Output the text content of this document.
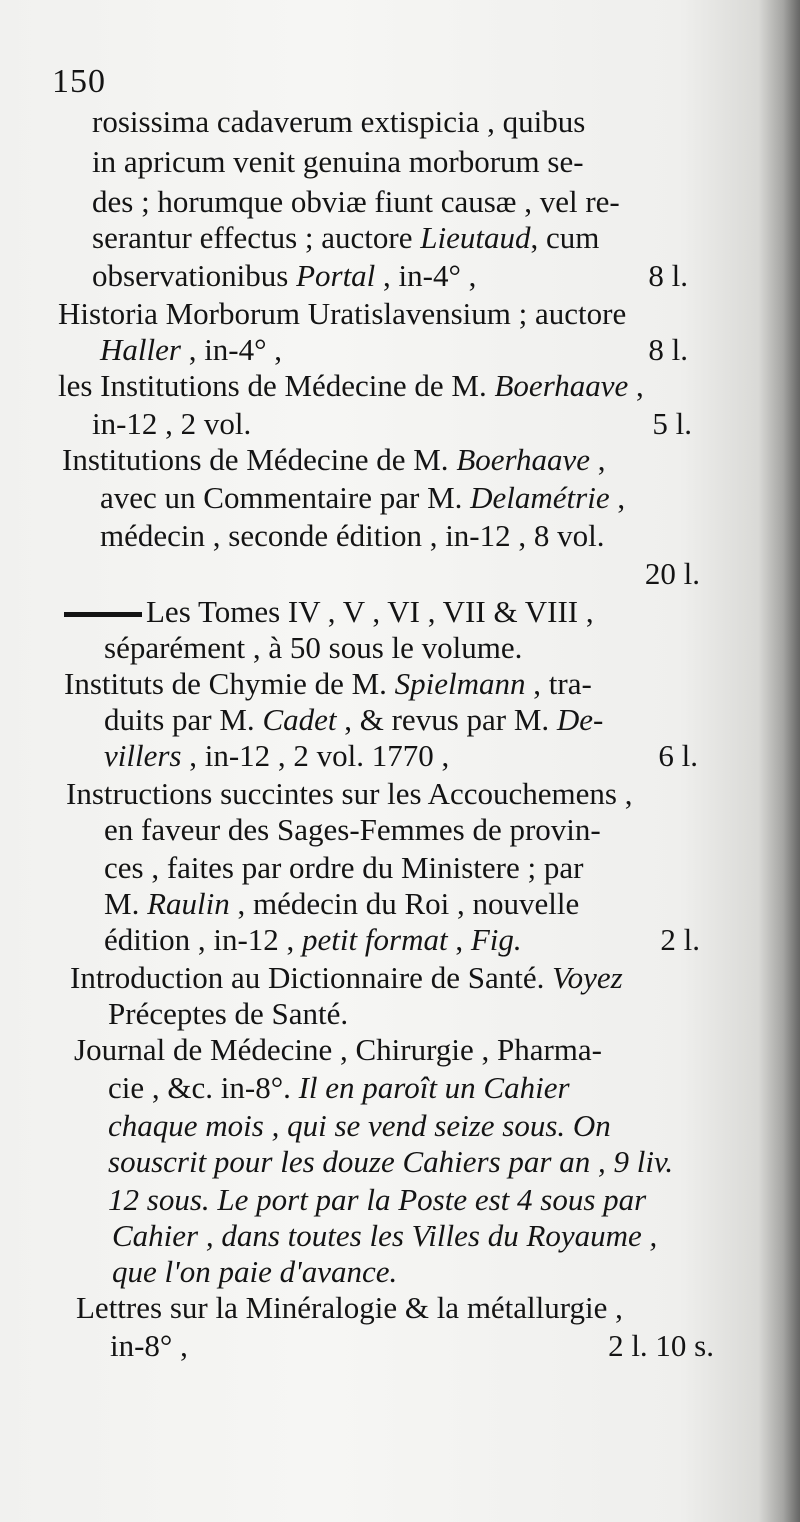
150
rosissima cadaverum extispicia , quibus
in apricum venit genuina morborum se-
des ; horumque obviæ fiunt causæ , vel re-
serantur effectus ; auctore Lieutaud, cum
observationibus Portal , in-4° ,	8 l.
Historia Morborum Uratislavensium ; auctore
Haller , in-4° ,	8 l.
les Institutions de Médecine de M. Boerhaave ,
in-12 , 2 vol.	5 l.
Institutions de Médecine de M. Boerhaave ,
avec un Commentaire par M. Delamétrie ,
médecin , seconde édition , in-12 , 8 vol.
20 l.
Les Tomes IV , V , VI , VII & VIII ,
séparément , à 50 sous le volume.
Instituts de Chymie de M. Spielmann , tra-
duits par M. Cadet , & revus par M. De-
villers , in-12 , 2 vol. 1770 ,	6 l.
Instructions succintes sur les Accouchemens ,
en faveur des Sages-Femmes de provin-
ces , faites par ordre du Ministere ; par
M. Raulin , médecin du Roi , nouvelle
édition , in-12 , petit format , Fig.	2 l.
Introduction au Dictionnaire de Santé. Voyez
Préceptes de Santé.
Journal de Médecine , Chirurgie , Pharma-
cie , &c. in-8°. Il en paroît un Cahier
chaque mois , qui se vend seize sous. On
souscrit pour les douze Cahiers par an , 9 liv.
12 sous. Le port par la Poste est 4 sous par
Cahier , dans toutes les Villes du Royaume ,
que l'on paie d'avance.
Lettres sur la Minéralogie & la métallurgie ,
in-8° ,	2 l. 10 s.
